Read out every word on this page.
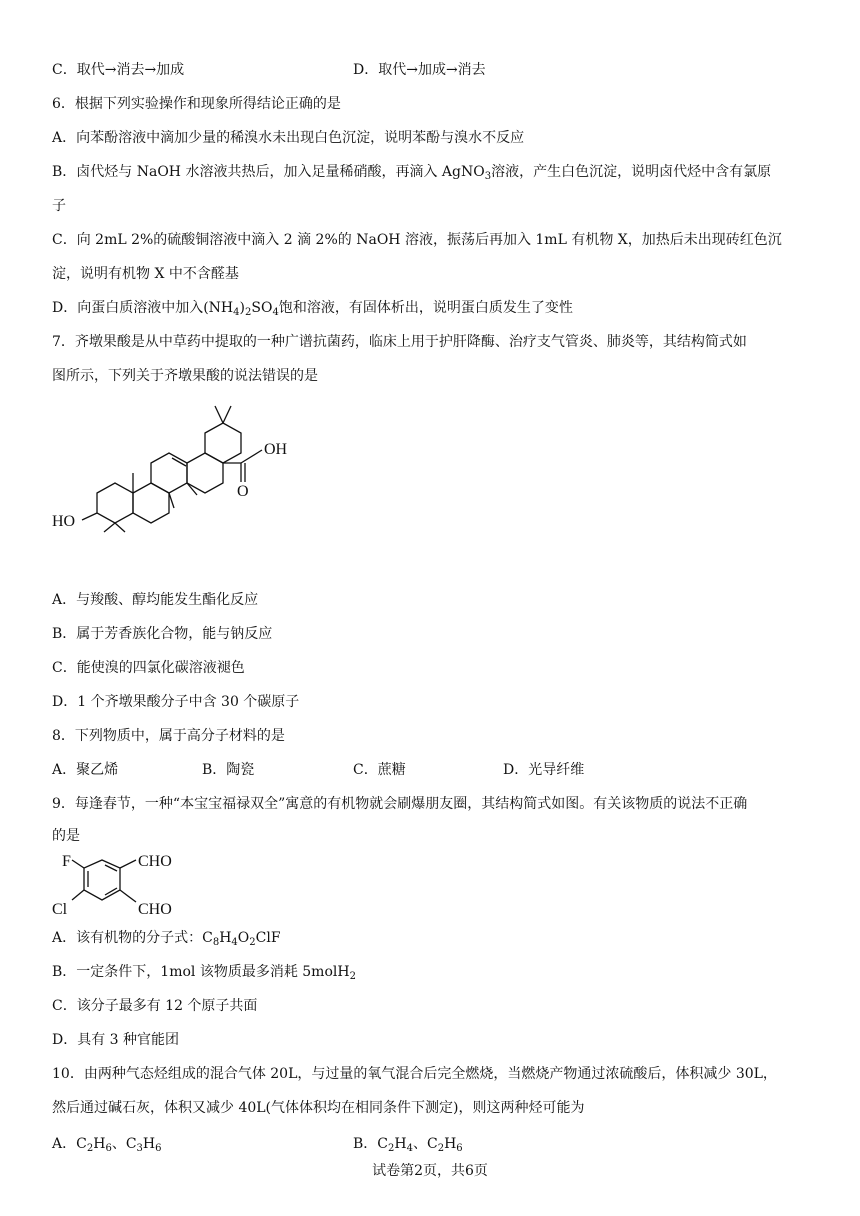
C．取代→消去→加成	D．取代→加成→消去
6．根据下列实验操作和现象所得结论正确的是
A．向苯酚溶液中滴加少量的稀溴水未出现白色沉淀，说明苯酚与溴水不反应
B．卤代烃与 NaOH 水溶液共热后，加入足量稀硝酸，再滴入 AgNO$_3$溶液，产生白色沉淀，说明卤代烃中含有氯原
子
C．向 2mL 2%的硫酸铜溶液中滴入 2 滴 2%的 NaOH 溶液，振荡后再加入 1mL 有机物 X，加热后未出现砖红色沉
淀，说明有机物 X 中不含醛基
D．向蛋白质溶液中加入$(NH_4)_2SO_4$饱和溶液，有固体析出，说明蛋白质发生了变性
7．齐墩果酸是从中草药中提取的一种广谱抗菌药，临床上用于护肝降酶、治疗支气管炎、肺炎等，其结构简式如
图所示，下列关于齐墩果酸的说法错误的是
OH
O
HO
A．与羧酸、醇均能发生酯化反应
B．属于芳香族化合物，能与钠反应
C．能使溴的四氯化碳溶液褪色
D．1 个齐墩果酸分子中含 30 个碳原子
8．下列物质中，属于高分子材料的是
A．聚乙烯	B．陶瓷	C．蔗糖	D．光导纤维
9．每逢春节，一种“本宝宝福禄双全”寓意的有机物就会刷爆朋友圈，其结构简式如图。有关该物质的说法不正确
的是
F
Cl
CHO
CHO
A．该有机物的分子式：$C_8H_4O_2ClF$
B．一定条件下，1mol 该物质最多消耗 5molH$_2$
C．该分子最多有 12 个原子共面
D．具有 3 种官能团
10．由两种气态烃组成的混合气体 20L，与过量的氧气混合后完全燃烧，当燃烧产物通过浓硫酸后，体积减少 30L，
然后通过碱石灰，体积又减少 40L(气体体积均在相同条件下测定)，则这两种烃可能为
A．$C_2H_6$、$C_3H_6$	B．$C_2H_4$、$C_2H_6$
试卷第2页，共6页
